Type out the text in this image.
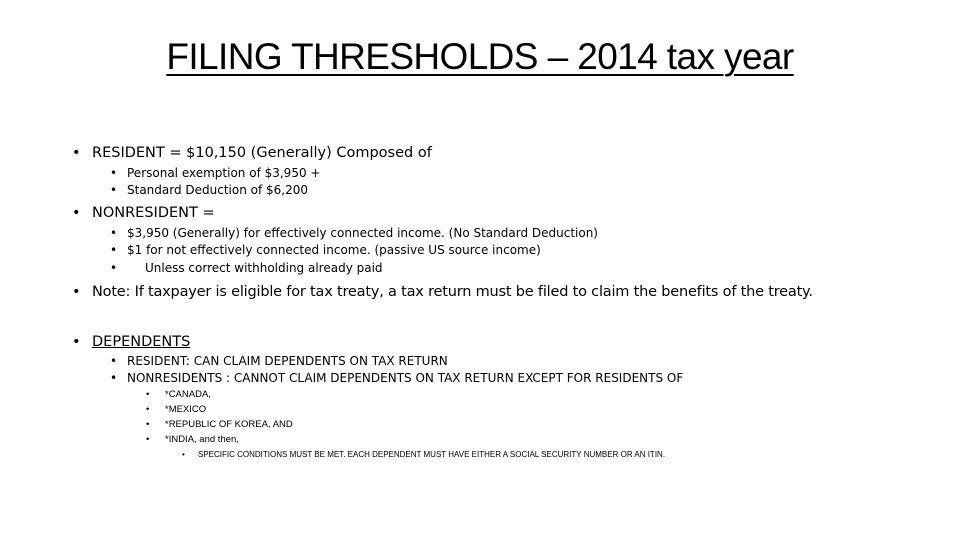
FILING THRESHOLDS – 2014 tax year
• RESIDENT = $10,150 (Generally) Composed of
• Personal exemption of $3,950 +
• Standard Deduction of $6,200
• NONRESIDENT =
• $3,950 (Generally) for effectively connected income. (No Standard Deduction)
• $1 for not effectively connected income. (passive US source income)
• Unless correct withholding already paid
• Note: If taxpayer is eligible for tax treaty, a tax return must be filed to claim the benefits of the treaty.
• DEPENDENTS
• RESIDENT: CAN CLAIM DEPENDENTS ON TAX RETURN
• NONRESIDENTS : CANNOT CLAIM DEPENDENTS ON TAX RETURN EXCEPT FOR RESIDENTS OF
• *CANADA,
• *MEXICO
• *REPUBLIC OF KOREA, AND
• *INDIA, and then,
• SPECIFIC CONDITIONS MUST BE MET. EACH DEPENDENT MUST HAVE EITHER A SOCIAL SECURITY NUMBER OR AN ITIN.
